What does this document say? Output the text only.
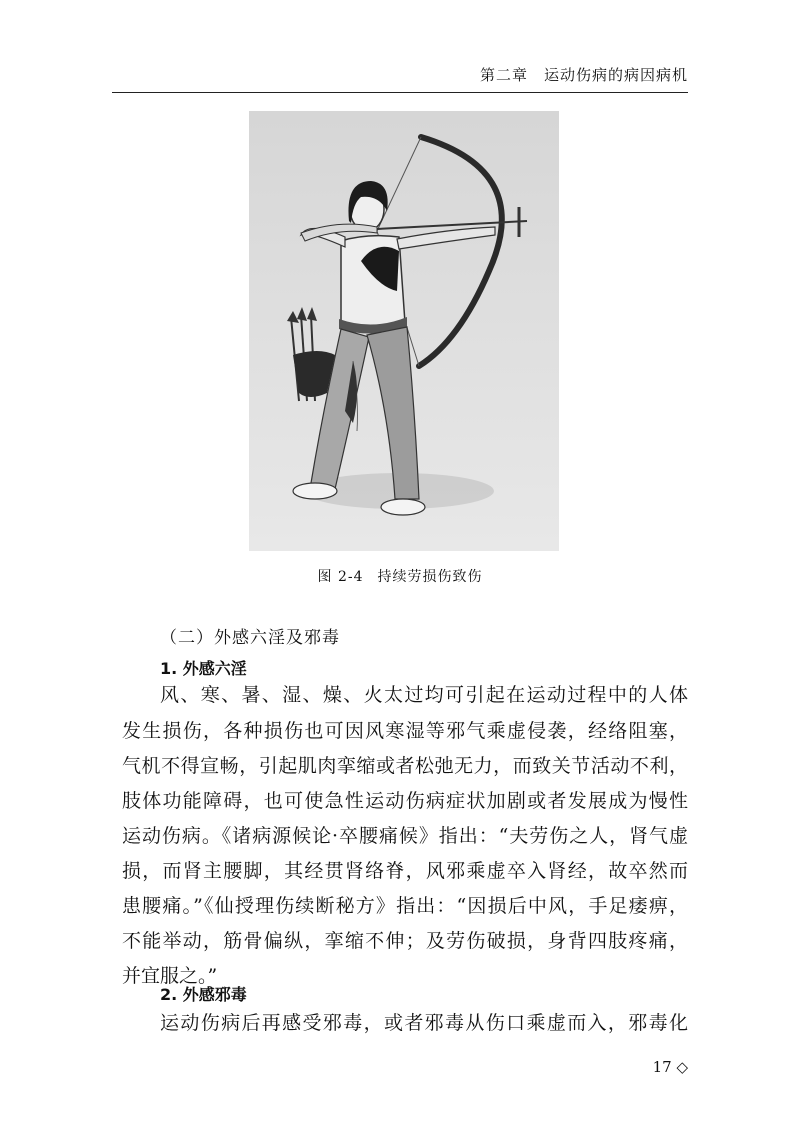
第二章　运动伤病的病因病机
图 2-4 持续劳损伤致伤
（二）外感六淫及邪毒
1. 外感六淫
风、寒、暑、湿、燥、火太过均可引起在运动过程中的人体
发生损伤，各种损伤也可因风寒湿等邪气乘虚侵袭，经络阻塞，
气机不得宣畅，引起肌肉挛缩或者松弛无力，而致关节活动不利，
肢体功能障碍，也可使急性运动伤病症状加剧或者发展成为慢性
运动伤病。《诸病源候论·卒腰痛候》指出：“夫劳伤之人，肾气虚
损，而肾主腰脚，其经贯肾络脊，风邪乘虚卒入肾经，故卒然而
患腰痛。”《仙授理伤续断秘方》指出：“因损后中风，手足痿痹，
不能举动，筋骨偏纵，挛缩不伸；及劳伤破损，身背四肢疼痛，
并宜服之。”
2. 外感邪毒
运动伤病后再感受邪毒，或者邪毒从伤口乘虚而入，邪毒化
17 ◇
